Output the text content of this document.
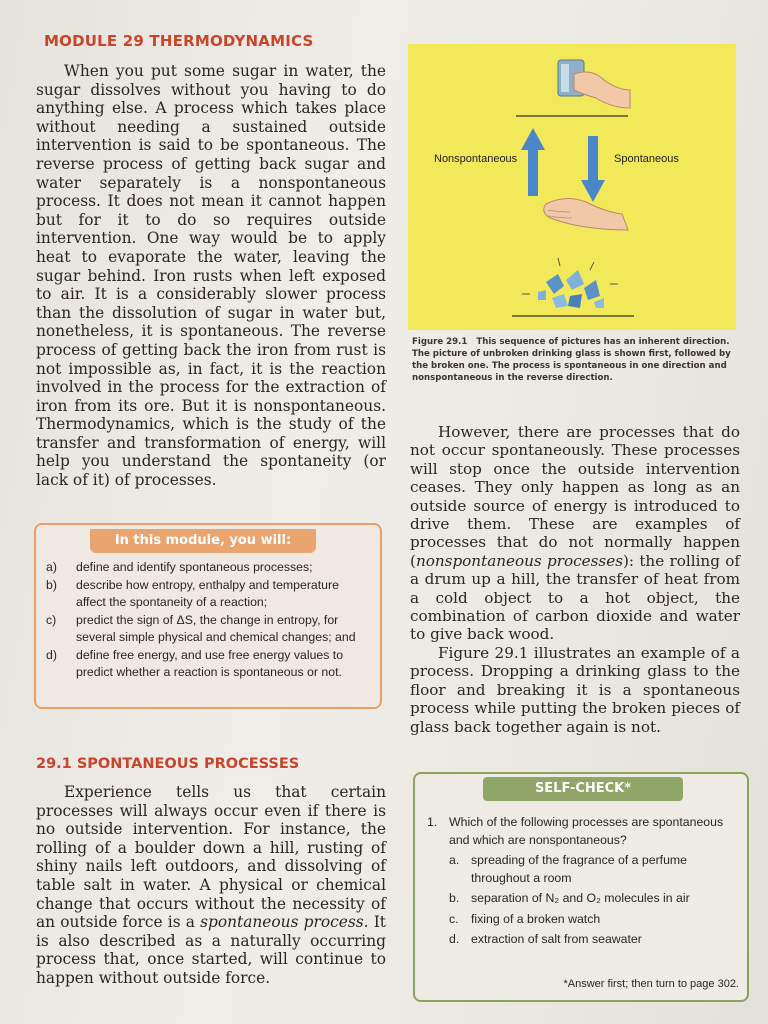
MODULE 29 THERMODYNAMICS

When you put some sugar in water, the sugar dissolves without you having to do anything else. A process which takes place without needing a sustained outside intervention is said to be spontaneous. The reverse process of getting back sugar and water separately is a nonspontaneous process. It does not mean it cannot happen but for it to do so requires outside intervention. One way would be to apply heat to evaporate the water, leaving the sugar behind. Iron rusts when left exposed to air. It is a considerably slower process than the dissolution of sugar in water but, nonetheless, it is spontaneous. The reverse process of getting back the iron from rust is not impossible as, in fact, it is the reaction involved in the process for the extraction of iron from its ore. But it is nonspontaneous. Thermodynamics, which is the study of the transfer and transformation of energy, will help you understand the spontaneity (or lack of it) of processes.

In this module, you will:
a)	define and identify spontaneous processes;
b)	describe how entropy, enthalpy and temperature affect the spontaneity of a reaction;
c)	predict the sign of ΔS, the change in entropy, for several simple physical and chemical changes; and
d)	define free energy, and use free energy values to predict whether a reaction is spontaneous or not.
29.1 SPONTANEOUS PROCESSES

Experience tells us that certain processes will always occur even if there is no outside intervention. For instance, the rolling of a boulder down a hill, rusting of shiny nails left outdoors, and dissolving of table salt in water. A physical or chemical change that occurs without the necessity of an outside force is a spontaneous process. It is also described as a naturally occurring process that, once started, will continue to happen without outside force.

Nonspontaneous	Spontaneous
Figure 29.1 This sequence of pictures has an inherent direction. The picture of unbroken drinking glass is shown first, followed by the broken one. The process is spontaneous in one direction and nonspontaneous in the reverse direction.

However, there are processes that do not occur spontaneously. These processes will stop once the outside intervention ceases. They only happen as long as an outside source of energy is introduced to drive them. These are examples of processes that do not normally happen (nonspontaneous processes): the rolling of a drum up a hill, the transfer of heat from a cold object to a hot object, the combination of carbon dioxide and water to give back wood.

Figure 29.1 illustrates an example of a process. Dropping a drinking glass to the floor and breaking it is a spontaneous process while putting the broken pieces of glass back together again is not.

SELF-CHECK*
1. Which of the following processes are spontaneous and which are nonspontaneous?
a. spreading of the fragrance of a perfume throughout a room
b. separation of N₂ and O₂ molecules in air
c.	fixing of a broken watch
d. extraction of salt from seawater
*Answer first; then turn to page 302.
